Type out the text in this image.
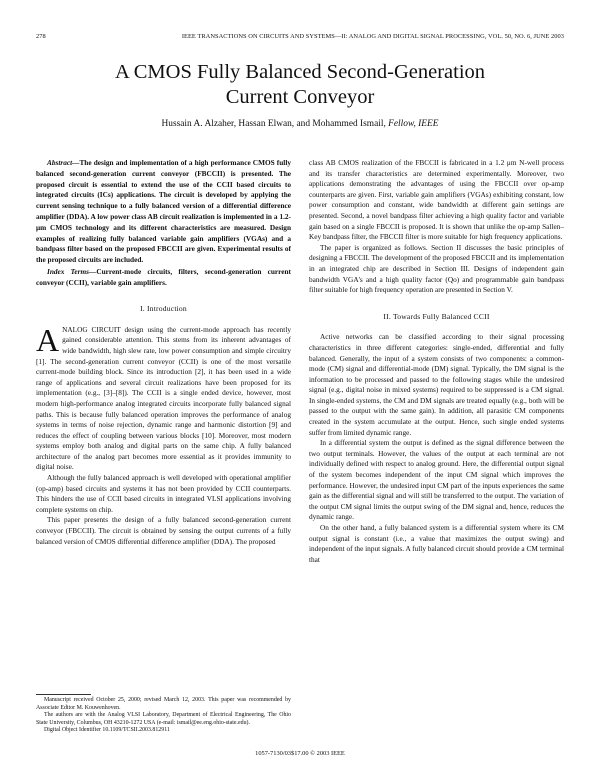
278	IEEE TRANSACTIONS ON CIRCUITS AND SYSTEMS—II: ANALOG AND DIGITAL SIGNAL PROCESSING, VOL. 50, NO. 6, JUNE 2003
A CMOS Fully Balanced Second-Generation
Current Conveyor
Hussain A. Alzaher, Hassan Elwan, and Mohammed Ismail, Fellow, IEEE

Abstract—The design and implementation of a high performance CMOS fully balanced second-generation current conveyor (FBCCII) is presented. The proposed circuit is essential to extend the use of the CCII based circuits to integrated circuits (ICs) applications. The circuit is developed by applying the current sensing technique to a fully balanced version of a differential difference amplifier (DDA). A low power class AB circuit realization is implemented in a 1.2-μm CMOS technology and its different characteristics are measured. Design examples of realizing fully balanced variable gain amplifiers (VGAs) and a bandpass filter based on the proposed FBCCII are given. Experimental results of the proposed circuits are included.

Index Terms—Current-mode circuits, filters, second-generation current conveyor (CCII), variable gain amplifiers.

I. Introduction

ANALOG CIRCUIT design using the current-mode approach has recently gained considerable attention. This stems from its inherent advantages of wide bandwidth, high slew rate, low power consumption and simple circuitry [1]. The second-generation current conveyor (CCII) is one of the most versatile current-mode building block. Since its introduction [2], it has been used in a wide range of applications and several circuit realizations have been proposed for its implementation (e.g., [3]–[8]). The CCII is a single ended device, however, most modern high-performance analog integrated circuits incorporate fully balanced signal paths. This is because fully balanced operation improves the performance of analog systems in terms of noise rejection, dynamic range and harmonic distortion [9] and reduces the effect of coupling between various blocks [10]. Moreover, most modern systems employ both analog and digital parts on the same chip. A fully balanced architecture of the analog part becomes more essential as it provides immunity to digital noise.

Although the fully balanced approach is well developed with operational amplifier (op-amp) based circuits and systems it has not been provided by CCII counterparts. This hinders the use of CCII based circuits in integrated VLSI applications involving complete systems on chip.

This paper presents the design of a fully balanced second-generation current conveyor (FBCCII). The circuit is obtained by sensing the output currents of a fully balanced version of CMOS differential difference amplifier (DDA). The proposed

class AB CMOS realization of the FBCCII is fabricated in a 1.2 μm N-well process and its transfer characteristics are determined experimentally. Moreover, two applications demonstrating the advantages of using the FBCCII over op-amp counterparts are given. First, variable gain amplifiers (VGAs) exhibiting constant, low power consumption and constant, wide bandwidth at different gain settings are presented. Second, a novel bandpass filter achieving a high quality factor and variable gain based on a single FBCCII is proposed. It is shown that unlike the op-amp Sallen–Key bandpass filter, the FBCCII filter is more suitable for high frequency applications.

The paper is organized as follows. Section II discusses the basic principles of designing a FBCCII. The development of the proposed FBCCII and its implementation in an integrated chip are described in Section III. Designs of independent gain bandwidth VGA's and a high quality factor (Qo) and programmable gain bandpass filter suitable for high frequency operation are presented in Section V.

II. Towards Fully Balanced CCII

Active networks can be classified according to their signal processing characteristics in three different categories: single-ended, differential and fully balanced. Generally, the input of a system consists of two components: a common-mode (CM) signal and differential-mode (DM) signal. Typically, the DM signal is the information to be processed and passed to the following stages while the undesired signal (e.g., digital noise in mixed systems) required to be suppressed is a CM signal. In single-ended systems, the CM and DM signals are treated equally (e.g., both will be passed to the output with the same gain). In addition, all parasitic CM components created in the system accumulate at the output. Hence, such single ended systems suffer from limited dynamic range.

In a differential system the output is defined as the signal difference between the two output terminals. However, the values of the output at each terminal are not individually defined with respect to analog ground. Here, the differential output signal of the system becomes independent of the input CM signal which improves the performance. However, the undesired input CM part of the inputs experiences the same gain as the differential signal and will still be transferred to the output. The variation of the output CM signal limits the output swing of the DM signal and, hence, reduces the dynamic range.

On the other hand, a fully balanced system is a differential system where its CM output signal is constant (i.e., a value that maximizes the output swing) and independent of the input signals. A fully balanced circuit should provide a CM terminal that

Manuscript received October 25, 2000; revised March 12, 2003. This paper was recommended by Associate Editor M. Kouwenhoven.

The authors are with the Analog VLSI Laboratory, Department of Electrical Engineering, The Ohio State University, Columbus, OH 43210-1272 USA (e-mail: ismail@ee.eng.ohio-state.edu).

Digital Object Identifier 10.1109/TCSII.2003.812911

1057-7130/03$17.00 © 2003 IEEE
